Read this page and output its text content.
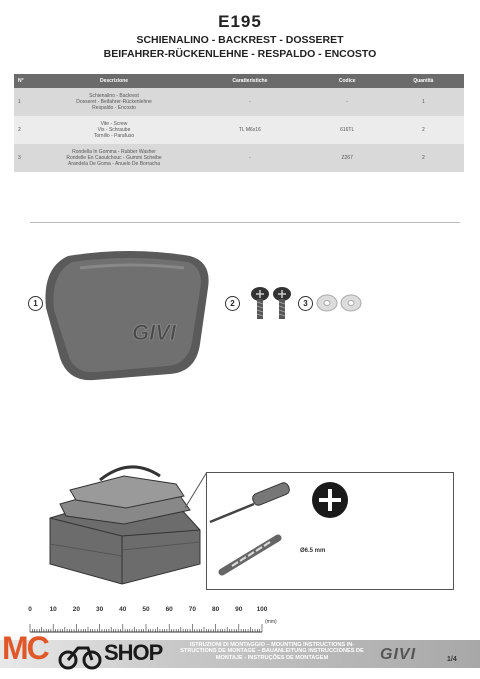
E195
SCHIENALINO - BACKREST - DOSSERET
BEIFAHRER-RÜCKENLEHNE - RESPALDO - ENCOSTO
N°	Descrizione	Caratteristiche	Codice	Quantità
1	Schienalino - Backrest
Dosseret - Beifahrer-Rückenlehne
Respaldo - Encosto	-	-	1
2	Vite - Screw
Vis - Schraube
Tornillo - Parafuso	TL M6x16	616TL	2
3	Rondella In Gomma - Rubber Washer
Rondelle En Caoutchouc - Gummi Scheibe
Arandela De Goma - Anuelo De Borracha	-	Z267	2
1	2	3
GIVI
Ø6.5 mm
0	10 20 30 40 50 60 70 80 90 100
(mm)
ISTRUZIONI DI MONTAGGIO – MOUNTING INSTRUCTIONS IN-
STRUCTIONS DE MONTAGE – BAUANLEITUNG INSTRUCCIONES DE
MONTAJE - INSTRUÇÕES DE MONTAGEM	GIVI	1/4
MC	SHOP
